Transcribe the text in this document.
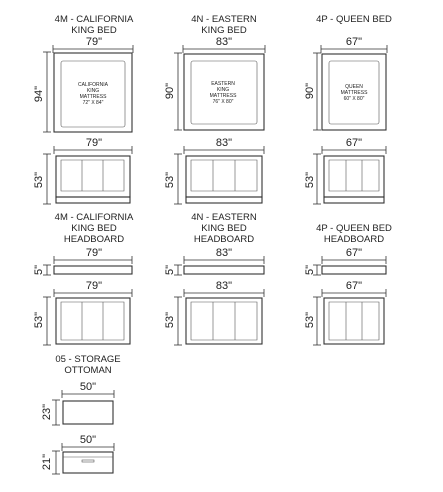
4M - CALIFORNIA
KING BED
79"
94"
CALIFORNIA
KING
MATTRESS
72" X 84"
79"
53"
4N - EASTERN
KING BED
83"
90"	EASTERN
KING
MATTRESS
76" X 80"
83"
53"
4P - QUEEN BED
67"
90"	QUEEN
MATTRESS
60" X 80"
67"
53"
4M - CALIFORNIA
KING BED
HEADBOARD
79"
5"
79"
53"
4N - EASTERN
KING BED
HEADBOARD
83"
5"
83"
53"
4P - QUEEN BED
HEADBOARD
67"
5"
67"
53"
05 - STORAGE
OTTOMAN
50"
23"
50"
21"
